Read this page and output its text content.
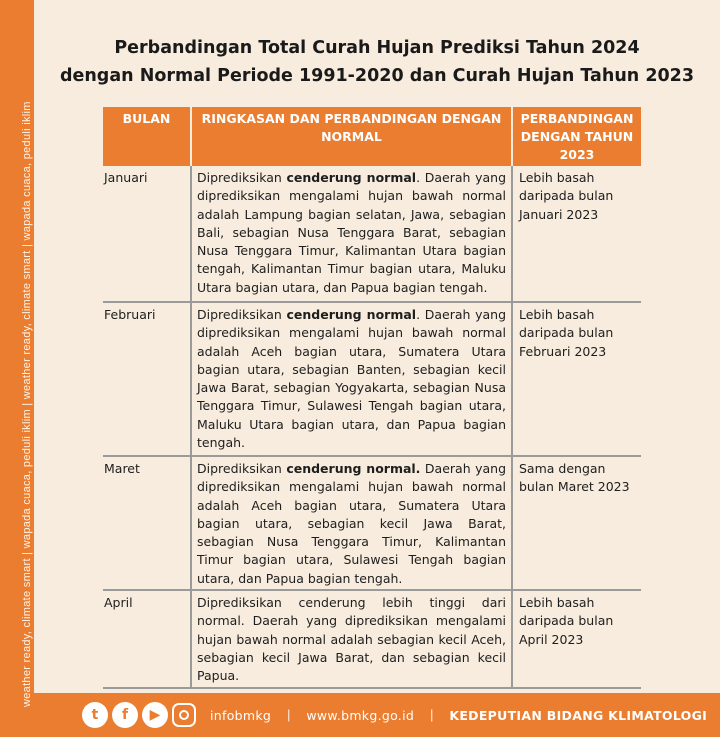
weather ready, climate smart | wapada cuaca, peduli iklim | weather ready, climate smart | wapada cuaca, peduli iklim
Perbandingan Total Curah Hujan Prediksi Tahun 2024
dengan Normal Periode 1991-2020 dan Curah Hujan Tahun 2023
BULAN	RINGKASAN DAN PERBANDINGAN DENGAN NORMAL	PERBANDINGAN DENGAN TAHUN 2023
Januari	Diprediksikan cenderung normal. Daerah yang diprediksikan mengalami hujan bawah normal adalah Lampung bagian selatan, Jawa, sebagian Bali, sebagian Nusa Tenggara Barat, sebagian Nusa Tenggara Timur, Kalimantan Utara bagian tengah, Kalimantan Timur bagian utara, Maluku Utara bagian utara, dan Papua bagian tengah.	Lebih basah daripada bulan Januari 2023
Februari	Diprediksikan cenderung normal. Daerah yang diprediksikan mengalami hujan bawah normal adalah Aceh bagian utara, Sumatera Utara bagian utara, sebagian Banten, sebagian kecil Jawa Barat, sebagian Yogyakarta, sebagian Nusa Tenggara Timur, Sulawesi Tengah bagian utara, Maluku Utara bagian utara, dan Papua bagian tengah.	Lebih basah daripada bulan Februari 2023
Maret	Diprediksikan cenderung normal. Daerah yang diprediksikan mengalami hujan bawah normal adalah Aceh bagian utara, Sumatera Utara bagian utara, sebagian kecil Jawa Barat, sebagian Nusa Tenggara Timur, Kalimantan Timur bagian utara, Sulawesi Tengah bagian utara, dan Papua bagian tengah.	Sama dengan bulan Maret 2023
April	Diprediksikan cenderung lebih tinggi dari normal. Daerah yang diprediksikan mengalami hujan bawah normal adalah sebagian kecil Aceh, sebagian kecil Jawa Barat, dan sebagian kecil Papua.	Lebih basah daripada bulan April 2023
t	f	▶	infobmkg | www.bmkg.go.id | KEDEPUTIAN BIDANG KLIMATOLOGI
